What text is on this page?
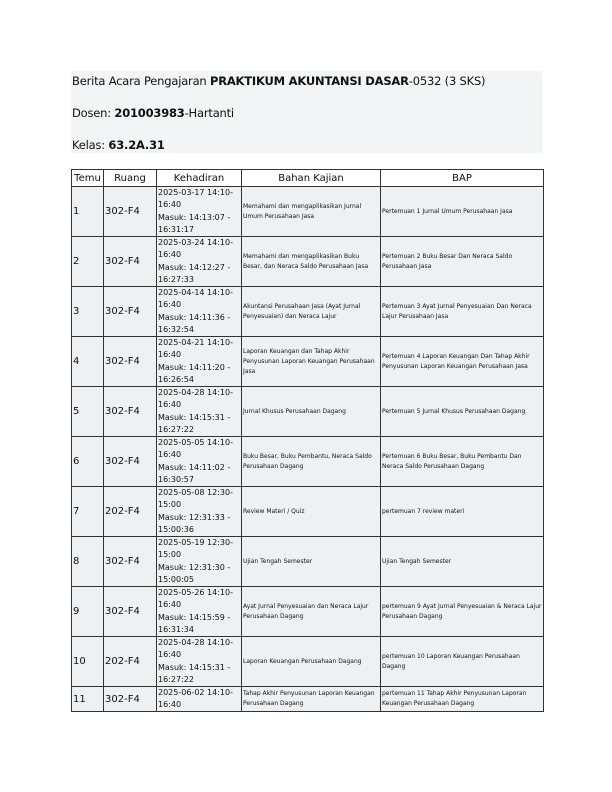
Berita Acara Pengajaran PRAKTIKUM AKUNTANSI DASAR-0532 (3 SKS)
Dosen: 201003983-Hartanti
Kelas: 63.2A.31
Temu	Ruang	Kehadiran	Bahan Kajian	BAP
1	302-F4	2025-03-17 14:10-
16:40
Masuk: 14:13:07 -
16:31:17	Memahami dan mengaplikasikan Jurnal Umum Perusahaan Jasa	Pertemuan 1 Jurnal Umum Perusahaan Jasa
2	302-F4	2025-03-24 14:10-
16:40
Masuk: 14:12:27 -
16:27:33	Memahami dan mengaplikasikan Buku Besar, dan Neraca Saldo Perusahaan Jasa	Pertemuan 2 Buku Besar Dan Neraca Saldo Perusahaan Jasa
3	302-F4	2025-04-14 14:10-
16:40
Masuk: 14:11:36 -
16:32:54	Akuntansi Perusahaan Jasa (Ayat Jurnal Penyesuaian) dan Neraca Lajur	Pertemuan 3 Ayat Jurnal Penyesuaian Dan Neraca Lajur Perusahaan Jasa
4	302-F4	2025-04-21 14:10-
16:40
Masuk: 14:11:20 -
16:26:54	Laporan Keuangan dan Tahap Akhir Penyusunan Laporan Keuangan Perusahaan Jasa	Pertemuan 4 Laporan Keuangan Dan Tahap Akhir Penyusunan Laporan Keuangan Perusahaan Jasa
5	302-F4	2025-04-28 14:10-
16:40
Masuk: 14:15:31 -
16:27:22	Jurnal Khusus Perusahaan Dagang	Pertemuan 5 Jurnal Khusus Perusahaan Dagang
6	302-F4	2025-05-05 14:10-
16:40
Masuk: 14:11:02 -
16:30:57	Buku Besar, Buku Pembantu, Neraca Saldo Perusahaan Dagang	Pertemuan 6 Buku Besar, Buku Pembantu Dan Neraca Saldo Perusahaan Dagang
7	202-F4	2025-05-08 12:30-
15:00
Masuk: 12:31:33 -
15:00:36	Review Materi / Quiz	pertemuan 7 review materi
8	302-F4	2025-05-19 12:30-
15:00
Masuk: 12:31:30 -
15:00:05	Ujian Tengah Semester	Ujian Tengah Semester
9	302-F4	2025-05-26 14:10-
16:40
Masuk: 14:15:59 -
16:31:34	Ayat Jurnal Penyesuaian dan Neraca Lajur Perusahaan Dagang	pertemuan 9 Ayat Jurnal Penyesuaian & Neraca Lajur Perusahaan Dagang
10	202-F4	2025-04-28 14:10-
16:40
Masuk: 14:15:31 -
16:27:22	Laporan Keuangan Perusahaan Dagang	pertemuan 10 Laporan Keuangan Perusahaan Dagang
11	302-F4	2025-06-02 14:10-
16:40	Tahap Akhir Penyusunan Laporan Keuangan Perusahaan Dagang	pertemuan 11 Tahap Akhir Penyusunan Laporan Keuangan Perusahaan Dagang
